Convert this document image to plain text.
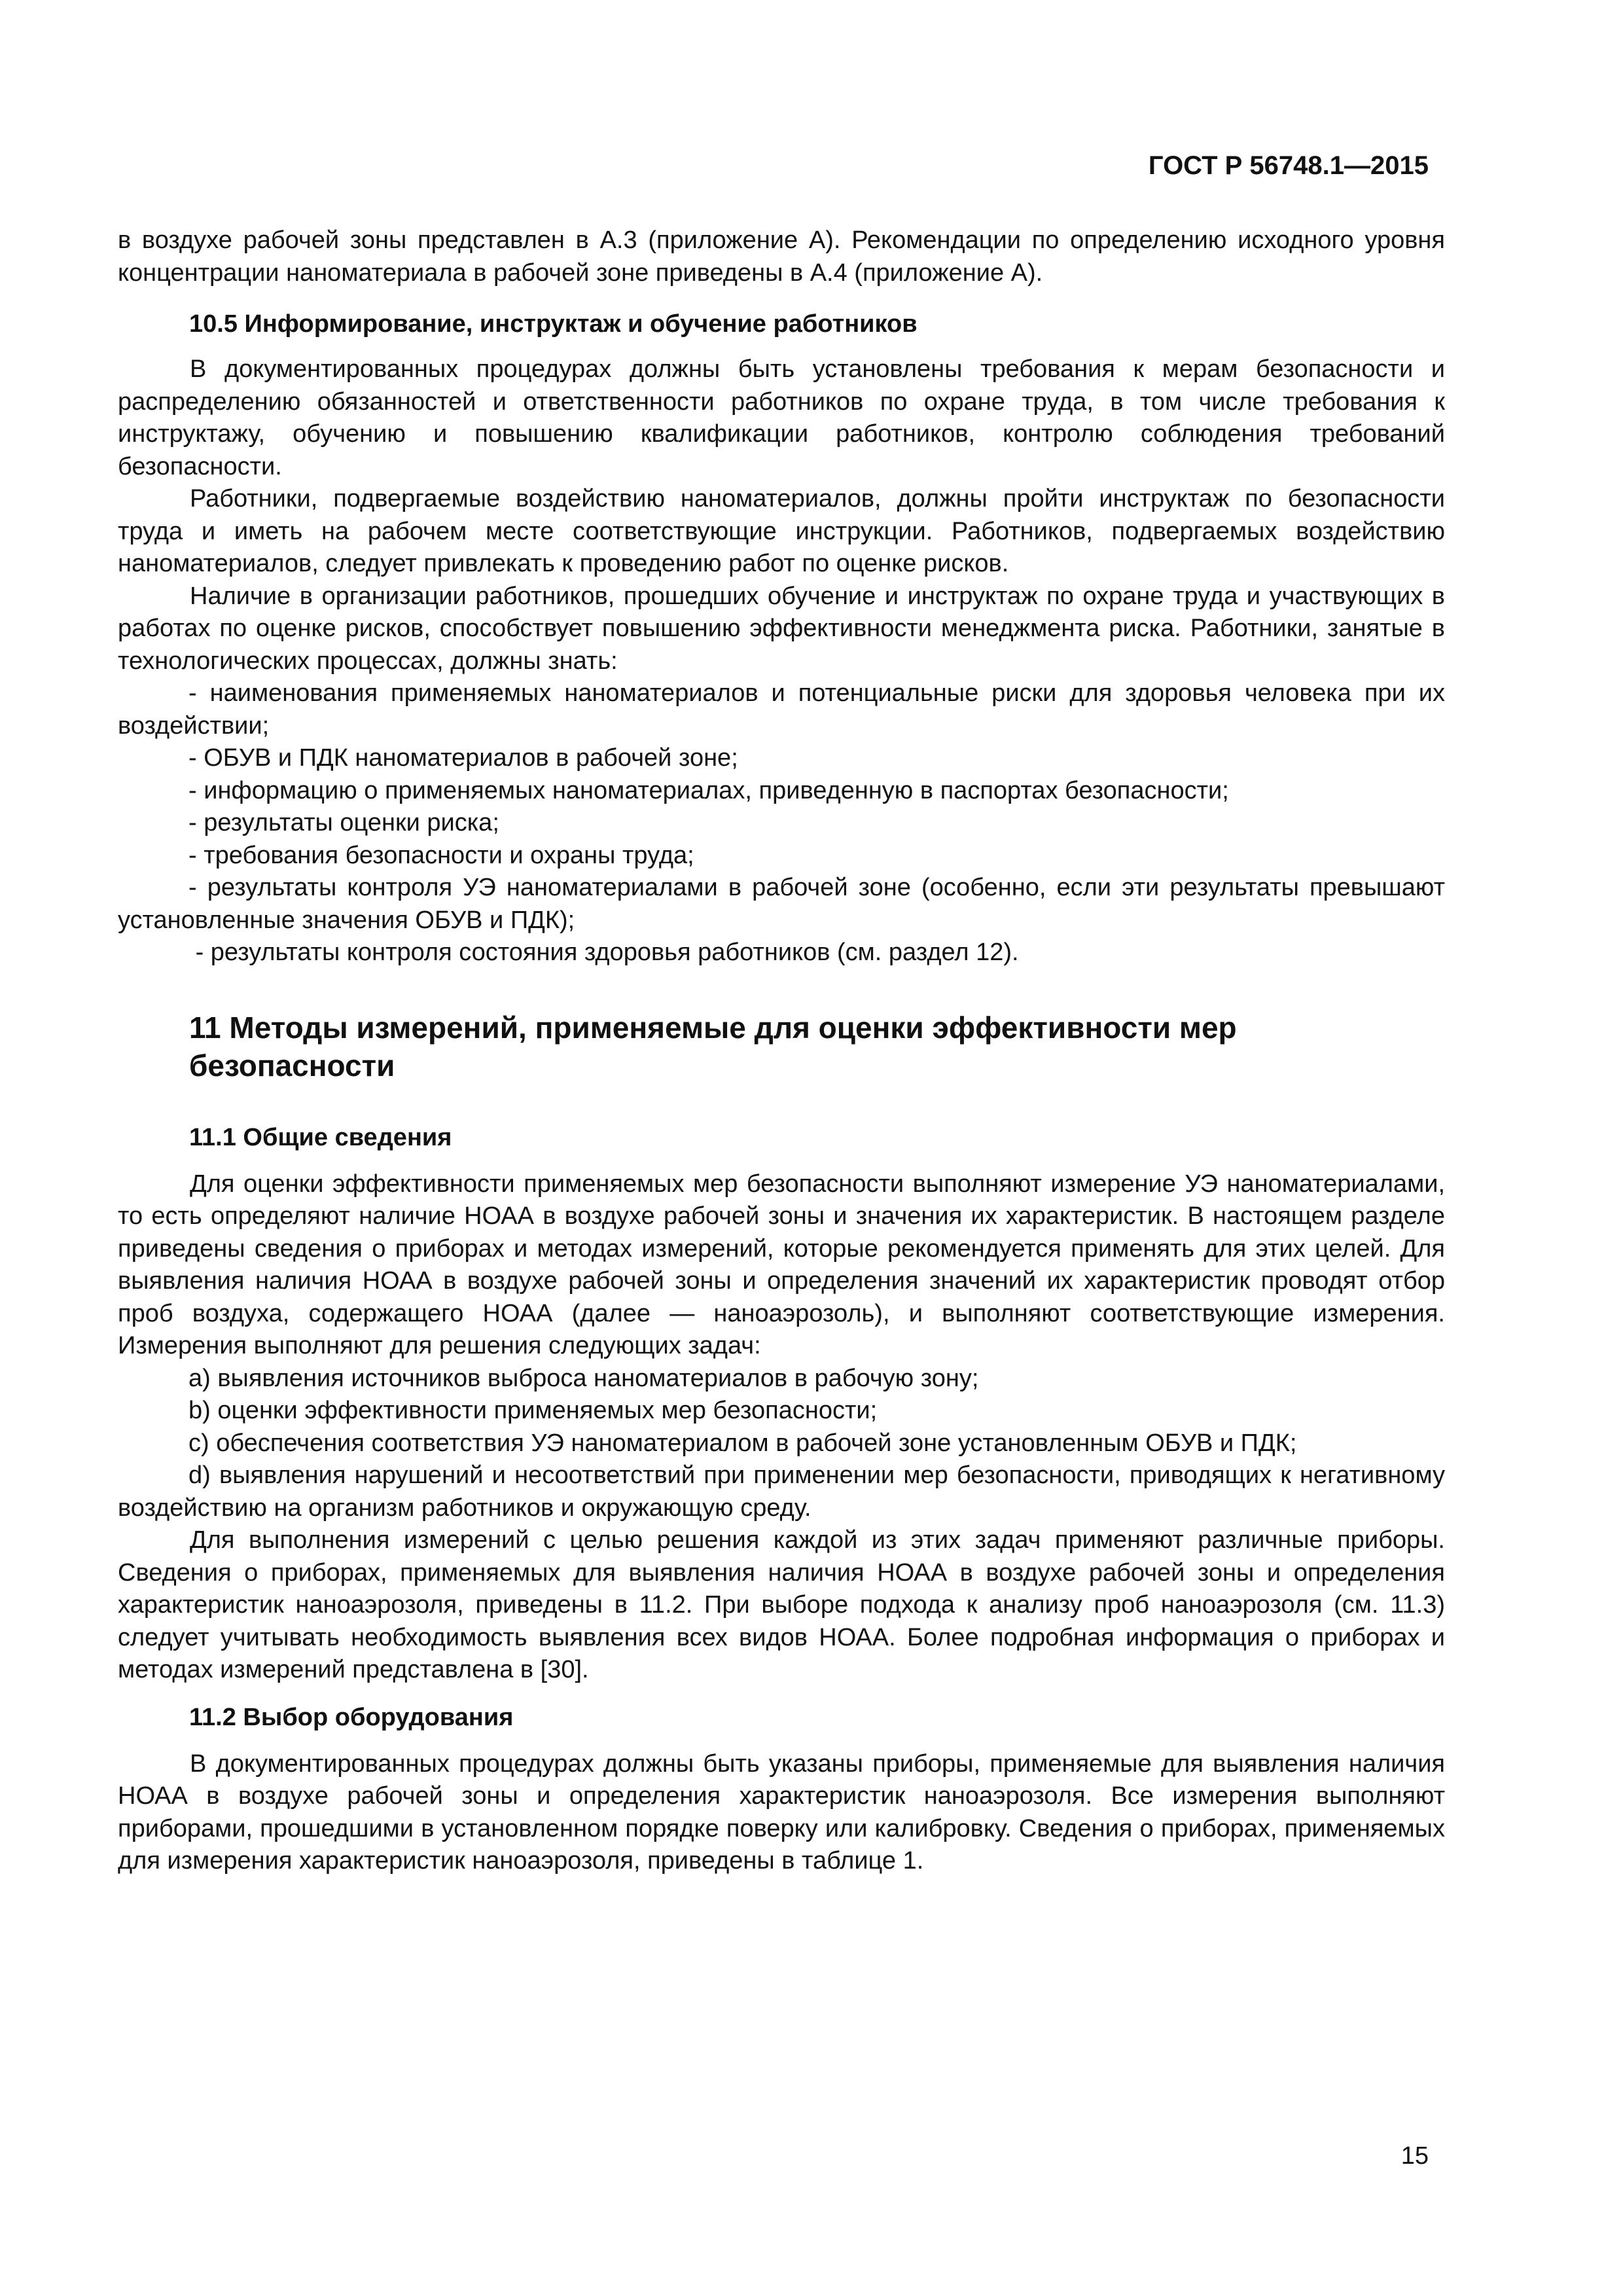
ГОСТ Р 56748.1—2015

в воздухе рабочей зоны представлен в А.3 (приложение А). Рекомендации по определению исходного уровня концентрации наноматериала в рабочей зоне приведены в А.4 (приложение А).

10.5 Информирование, инструктаж и обучение работников

В документированных процедурах должны быть установлены требования к мерам безопасности и распределению обязанностей и ответственности работников по охране труда, в том числе требования к инструктажу, обучению и повышению квалификации работников, контролю соблюдения требований безопасности.

Работники, подвергаемые воздействию наноматериалов, должны пройти инструктаж по безопасности труда и иметь на рабочем месте соответствующие инструкции. Работников, подвергаемых воздействию наноматериалов, следует привлекать к проведению работ по оценке рисков.

Наличие в организации работников, прошедших обучение и инструктаж по охране труда и участвующих в работах по оценке рисков, способствует повышению эффективности менеджмента риска. Работники, занятые в технологических процессах, должны знать:

- наименования применяемых наноматериалов и потенциальные риски для здоровья человека при их воздействии;

- ОБУВ и ПДК наноматериалов в рабочей зоне;

- информацию о применяемых наноматериалах, приведенную в паспортах безопасности;

- результаты оценки риска;

- требования безопасности и охраны труда;

- результаты контроля УЭ наноматериалами в рабочей зоне (особенно, если эти результаты превышают установленные значения ОБУВ и ПДК);

- результаты контроля состояния здоровья работников (см. раздел 12).

11 Методы измерений, применяемые для оценки эффективности мер безопасности

11.1 Общие сведения

Для оценки эффективности применяемых мер безопасности выполняют измерение УЭ наноматериалами, то есть определяют наличие НОАА в воздухе рабочей зоны и значения их характеристик. В настоящем разделе приведены сведения о приборах и методах измерений, которые рекомендуется применять для этих целей. Для выявления наличия НОАА в воздухе рабочей зоны и определения значений их характеристик проводят отбор проб воздуха, содержащего НОАА (далее — наноаэрозоль), и выполняют соответствующие измерения. Измерения выполняют для решения следующих задач:

a) выявления источников выброса наноматериалов в рабочую зону;

b) оценки эффективности применяемых мер безопасности;

c) обеспечения соответствия УЭ наноматериалом в рабочей зоне установленным ОБУВ и ПДК;

d) выявления нарушений и несоответствий при применении мер безопасности, приводящих к негативному воздействию на организм работников и окружающую среду.

Для выполнения измерений с целью решения каждой из этих задач применяют различные приборы. Сведения о приборах, применяемых для выявления наличия НОАА в воздухе рабочей зоны и определения характеристик наноаэрозоля, приведены в 11.2. При выборе подхода к анализу проб наноаэрозоля (см. 11.3) следует учитывать необходимость выявления всех видов НОАА. Более подробная информация о приборах и методах измерений представлена в [30].

11.2 Выбор оборудования

В документированных процедурах должны быть указаны приборы, применяемые для выявления наличия НОАА в воздухе рабочей зоны и определения характеристик наноаэрозоля. Все измерения выполняют приборами, прошедшими в установленном порядке поверку или калибровку. Сведения о приборах, применяемых для измерения характеристик наноаэрозоля, приведены в таблице 1.

15
